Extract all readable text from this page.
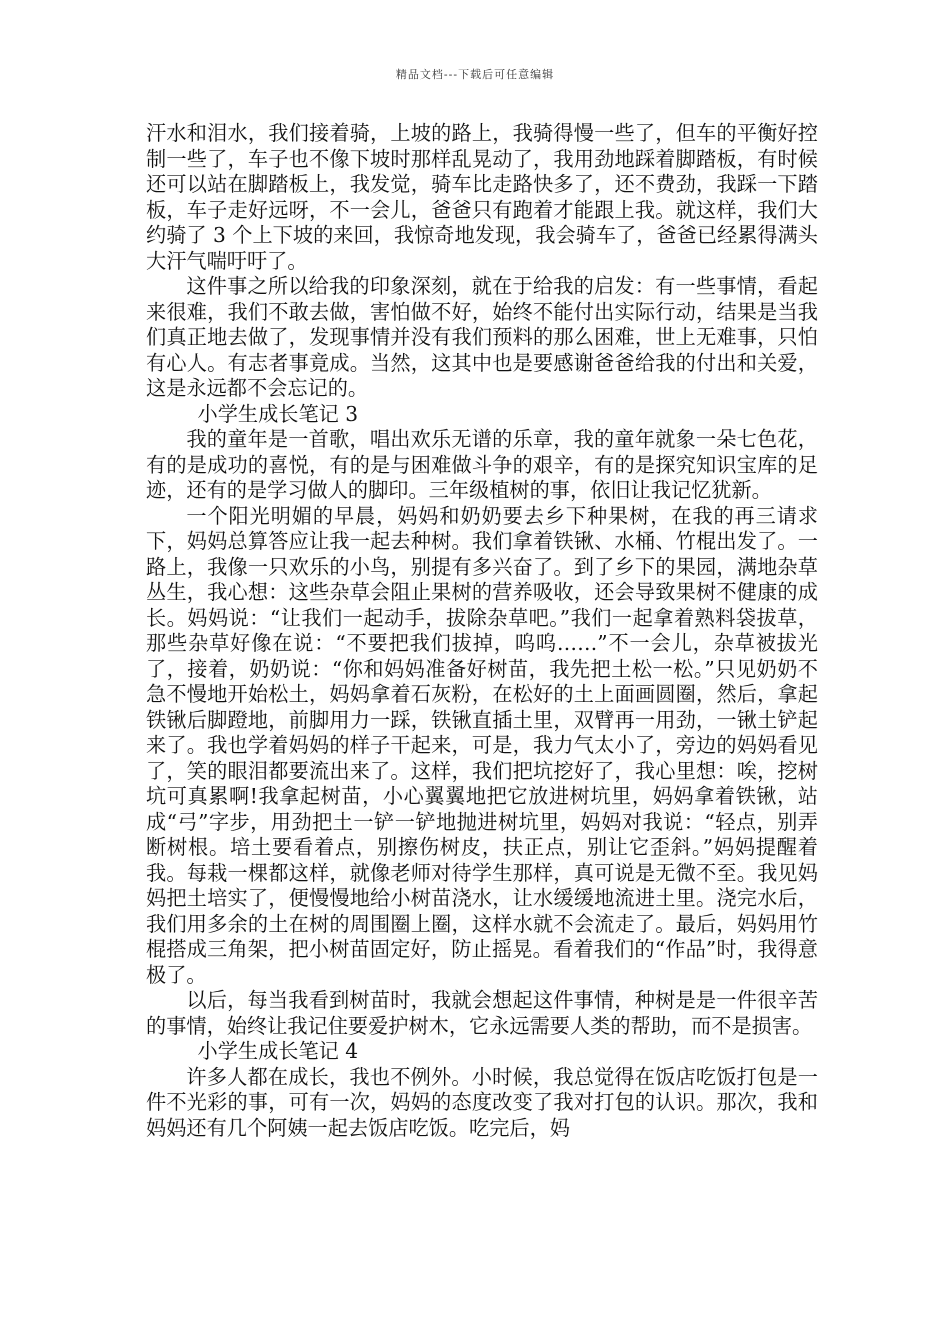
精品文档---下载后可任意编辑

汗水和泪水，我们接着骑，上坡的路上，我骑得慢一些了，但车的平衡好控制一些了，车子也不像下坡时那样乱晃动了，我用劲地踩着脚踏板，有时候还可以站在脚踏板上，我发觉，骑车比走路快多了，还不费劲，我踩一下踏板，车子走好远呀，不一会儿，爸爸只有跑着才能跟上我。就这样，我们大约骑了 3 个上下坡的来回，我惊奇地发现，我会骑车了，爸爸已经累得满头大汗气喘吁吁了。

这件事之所以给我的印象深刻，就在于给我的启发：有一些事情，看起来很难，我们不敢去做，害怕做不好，始终不能付出实际行动，结果是当我们真正地去做了，发现事情并没有我们预料的那么困难，世上无难事，只怕有心人。有志者事竟成。当然，这其中也是要感谢爸爸给我的付出和关爱，这是永远都不会忘记的。

小学生成长笔记 3

我的童年是一首歌，唱出欢乐无谱的乐章，我的童年就象一朵七色花，有的是成功的喜悦，有的是与困难做斗争的艰辛，有的是探究知识宝库的足迹，还有的是学习做人的脚印。三年级植树的事，依旧让我记忆犹新。

一个阳光明媚的早晨，妈妈和奶奶要去乡下种果树，在我的再三请求下，妈妈总算答应让我一起去种树。我们拿着铁锹、水桶、竹棍出发了。一路上，我像一只欢乐的小鸟，别提有多兴奋了。到了乡下的果园，满地杂草丛生，我心想：这些杂草会阻止果树的营养吸收，还会导致果树不健康的成长。妈妈说：“让我们一起动手，拔除杂草吧。”我们一起拿着熟料袋拔草，那些杂草好像在说：“不要把我们拔掉，呜呜……”不一会儿，杂草被拔光了，接着，奶奶说：“你和妈妈准备好树苗，我先把土松一松。”只见奶奶不急不慢地开始松土，妈妈拿着石灰粉，在松好的土上面画圆圈，然后，拿起铁锹后脚蹬地，前脚用力一踩，铁锹直插土里，双臂再一用劲，一锹土铲起来了。我也学着妈妈的样子干起来，可是，我力气太小了，旁边的妈妈看见了，笑的眼泪都要流出来了。这样，我们把坑挖好了，我心里想：唉，挖树坑可真累啊!我拿起树苗，小心翼翼地把它放进树坑里，妈妈拿着铁锹，站成“弓”字步，用劲把土一铲一铲地抛进树坑里，妈妈对我说：“轻点，别弄断树根。培土要看着点，别擦伤树皮，扶正点，别让它歪斜。”妈妈提醒着我。每栽一棵都这样，就像老师对待学生那样，真可说是无微不至。我见妈妈把土培实了，便慢慢地给小树苗浇水，让水缓缓地流进土里。浇完水后，我们用多余的土在树的周围圈上圈，这样水就不会流走了。最后，妈妈用竹棍搭成三角架，把小树苗固定好，防止摇晃。看着我们的“作品”时，我得意极了。

以后，每当我看到树苗时，我就会想起这件事情，种树是是一件很辛苦的事情，始终让我记住要爱护树木，它永远需要人类的帮助，而不是损害。

小学生成长笔记 4

许多人都在成长，我也不例外。小时候，我总觉得在饭店吃饭打包是一件不光彩的事，可有一次，妈妈的态度改变了我对打包的认识。那次，我和妈妈还有几个阿姨一起去饭店吃饭。吃完后，妈
